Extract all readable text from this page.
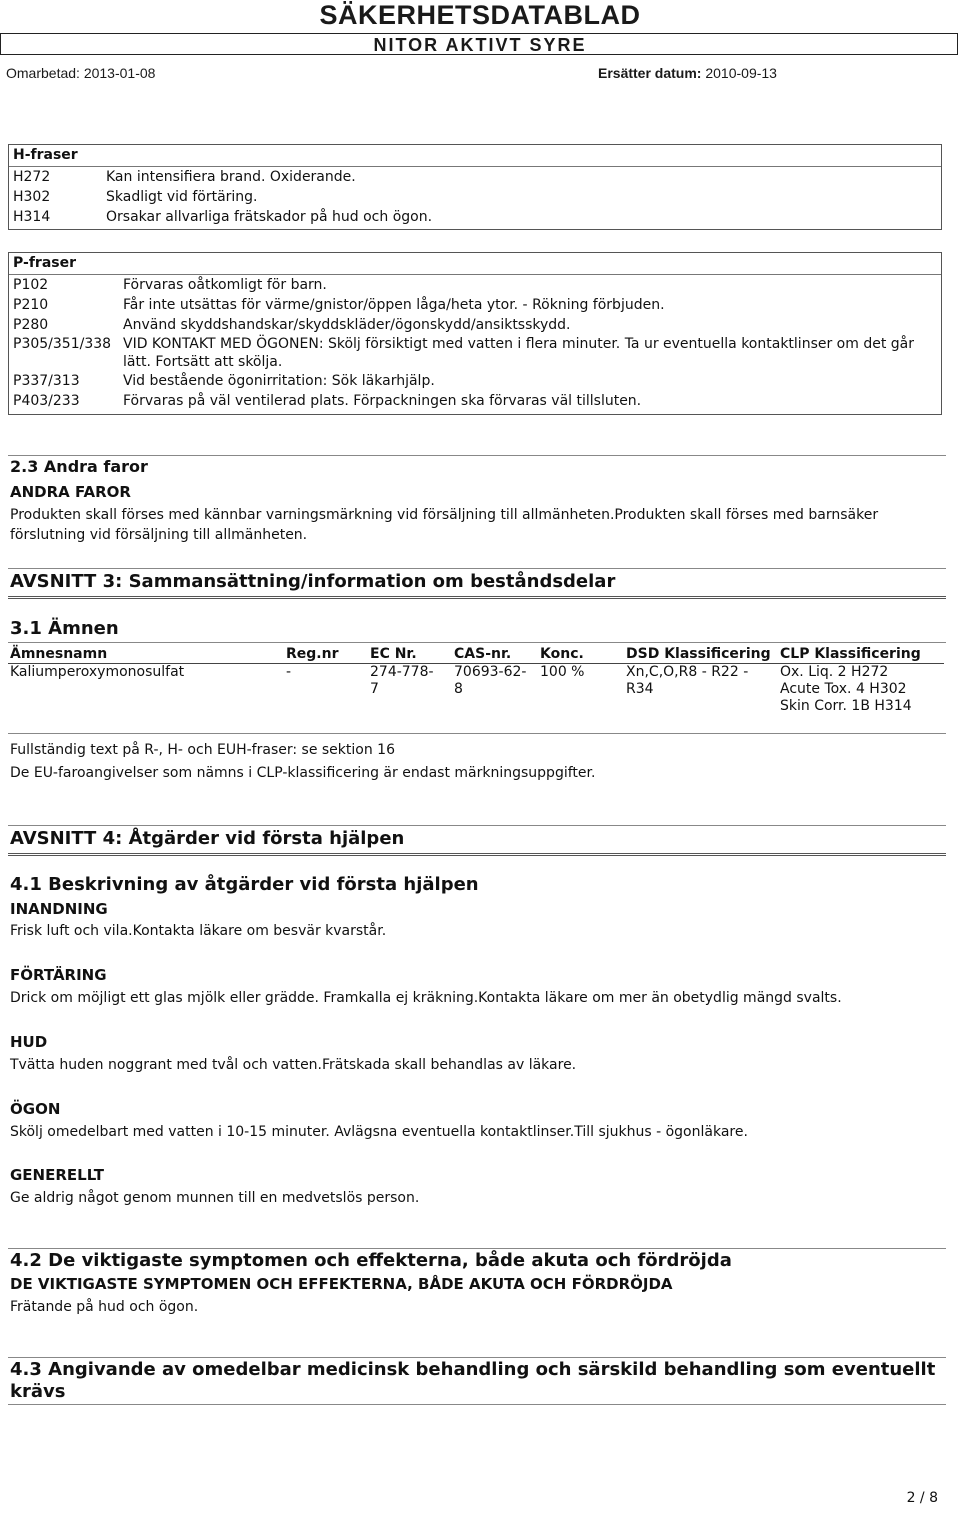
SÄKERHETSDATABLAD
NITOR AKTIVT SYRE
Omarbetad: 2013-01-08	Ersätter datum: 2010-09-13
H-fraser
H272	Kan intensifiera brand. Oxiderande.
H302	Skadligt vid förtäring.
H314	Orsakar allvarliga frätskador på hud och ögon.
P-fraser
P102	Förvaras oåtkomligt för barn.
P210	Får inte utsättas för värme/gnistor/öppen låga/heta ytor. - Rökning förbjuden.
P280	Använd skyddshandskar/skyddskläder/ögonskydd/ansiktsskydd.
P305/351/338 VID KONTAKT MED ÖGONEN: Skölj försiktigt med vatten i flera minuter. Ta ur eventuella kontaktlinser om det går lätt. Fortsätt att skölja.
P337/313	Vid bestående ögonirritation: Sök läkarhjälp.
P403/233	Förvaras på väl ventilerad plats. Förpackningen ska förvaras väl tillsluten.
2.3 Andra faror
ANDRA FAROR
Produkten skall förses med kännbar varningsmärkning vid försäljning till allmänheten.Produkten skall förses med barnsäker förslutning vid försäljning till allmänheten.
AVSNITT 3: Sammansättning/information om beståndsdelar
3.1 Ämnen
Ämnesnamn	Reg.nr	EC Nr.	CAS-nr.	Konc.	DSD Klassificering	CLP Klassificering
Kaliumperoxymonosulfat	-	274-778-7	70693-62-8	100 %	Xn,C,O,R8 - R22 - R34	Ox. Liq. 2 H272 Acute Tox. 4 H302 Skin Corr. 1B H314
Fullständig text på R-, H- och EUH-fraser: se sektion 16
De EU-faroangivelser som nämns i CLP-klassificering är endast märkningsuppgifter.
AVSNITT 4: Åtgärder vid första hjälpen
4.1 Beskrivning av åtgärder vid första hjälpen
INANDNING
Frisk luft och vila.Kontakta läkare om besvär kvarstår.
FÖRTÄRING
Drick om möjligt ett glas mjölk eller grädde. Framkalla ej kräkning.Kontakta läkare om mer än obetydlig mängd svalts.
HUD
Tvätta huden noggrant med tvål och vatten.Frätskada skall behandlas av läkare.
ÖGON
Skölj omedelbart med vatten i 10-15 minuter. Avlägsna eventuella kontaktlinser.Till sjukhus - ögonläkare.
GENERELLT
Ge aldrig något genom munnen till en medvetslös person.
4.2 De viktigaste symptomen och effekterna, både akuta och fördröjda
DE VIKTIGASTE SYMPTOMEN OCH EFFEKTERNA, BÅDE AKUTA OCH FÖRDRÖJDA
Frätande på hud och ögon.
4.3 Angivande av omedelbar medicinsk behandling och särskild behandling som eventuellt krävs
2 / 8
